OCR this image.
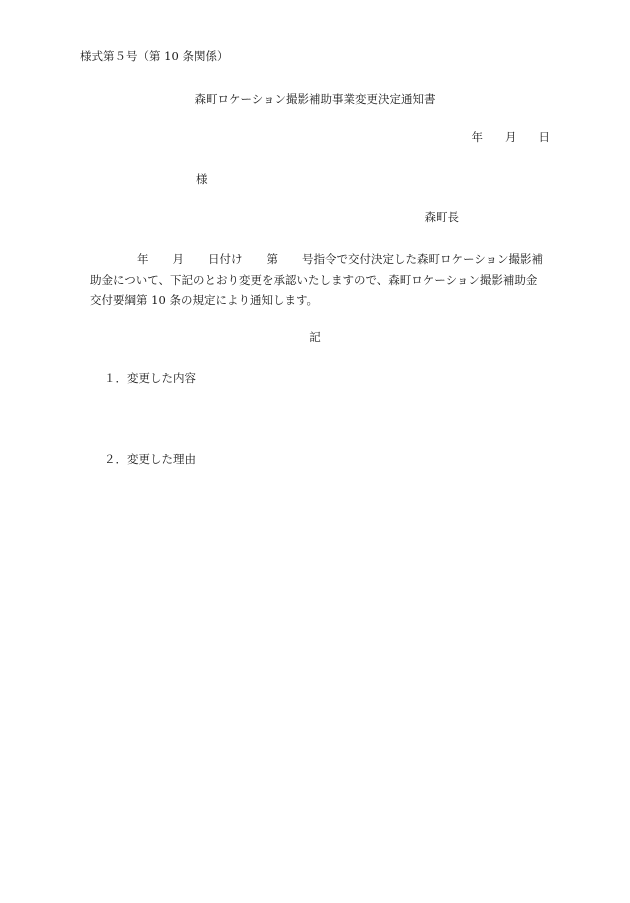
様式第５号（第 10 条関係）
森町ロケーション撮影補助事業変更決定通知書
年 月 日
様
森町長

年 月 日付け 第 号指令で交付決定した森町ロケーション撮影補

助金について、下記のとおり変更を承認いたしますので、森町ロケーション撮影補助金

交付要綱第 10 条の規定により通知します。

記
１．変更した内容
２．変更した理由
